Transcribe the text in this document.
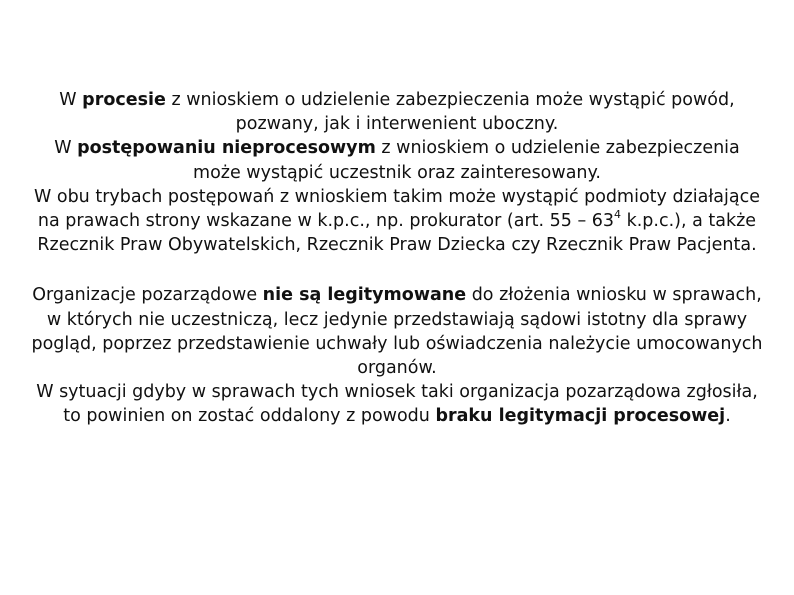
W procesie z wnioskiem o udzielenie zabezpieczenia może wystąpić powód, pozwany, jak i interwenient uboczny.

W postępowaniu nieprocesowym z wnioskiem o udzielenie zabezpieczenia może wystąpić uczestnik oraz zainteresowany.

W obu trybach postępowań z wnioskiem takim może wystąpić podmioty działające na prawach strony wskazane w k.p.c., np. prokurator (art. $55 - 63^4$ k.p.c.), a także Rzecznik Praw Obywatelskich, Rzecznik Praw Dziecka czy Rzecznik Praw Pacjenta.

Organizacje pozarządowe nie są legitymowane do złożenia wniosku w sprawach, w których nie uczestniczą, lecz jedynie przedstawiają sądowi istotny dla sprawy pogląd, poprzez przedstawienie uchwały lub oświadczenia należycie umocowanych organów.

W sytuacji gdyby w sprawach tych wniosek taki organizacja pozarządowa zgłosiła, to powinien on zostać oddalony z powodu braku legitymacji procesowej.
